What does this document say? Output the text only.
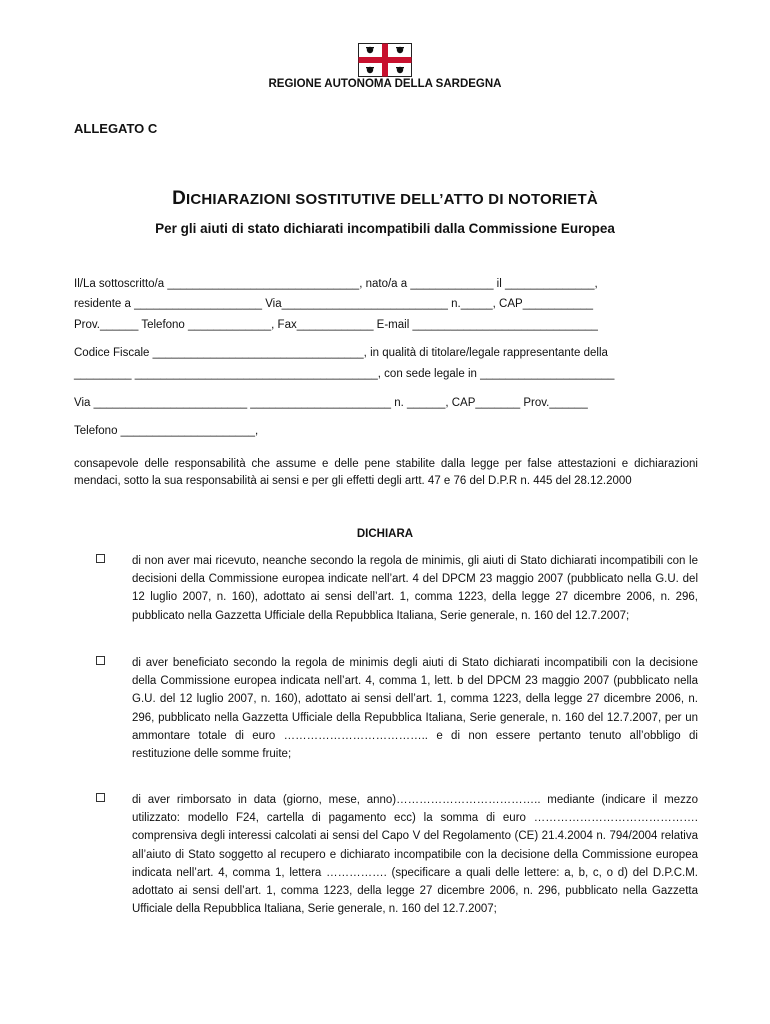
REGIONE AUTONOMA DELLA SARDEGNA
ALLEGATO C
DICHIARAZIONI SOSTITUTIVE DELL’ATTO DI NOTORIETÀ
Per gli aiuti di stato dichiarati incompatibili dalla Commissione Europea
Il/La sottoscritto/a ______________________________, nato/a a _____________ il ______________,
residente a ____________________ Via__________________________ n._____, CAP___________
Prov.______ Telefono _____________, Fax____________ E-mail _____________________________
Codice Fiscale _________________________________, in qualità di titolare/legale rappresentante della
_________ ______________________________________, con sede legale in _____________________
Via ________________________ ______________________ n. ______, CAP_______ Prov.______
Telefono _____________________,
consapevole delle responsabilità che assume e delle pene stabilite dalla legge per false attestazioni e dichiarazioni mendaci, sotto la sua responsabilità ai sensi e per gli effetti degli artt. 47 e 76 del D.P.R n. 445 del 28.12.2000
DICHIARA
di non aver mai ricevuto, neanche secondo la regola de minimis, gli aiuti di Stato dichiarati incompatibili con le decisioni della Commissione europea indicate nell’art. 4 del DPCM 23 maggio 2007 (pubblicato nella G.U. del 12 luglio 2007, n. 160), adottato ai sensi dell’art. 1, comma 1223, della legge 27 dicembre 2006, n. 296, pubblicato nella Gazzetta Ufficiale della Repubblica Italiana, Serie generale, n. 160 del 12.7.2007;
di aver beneficiato secondo la regola de minimis degli aiuti di Stato dichiarati incompatibili con la decisione della Commissione europea indicata nell’art. 4, comma 1, lett. b del DPCM 23 maggio 2007 (pubblicato nella G.U. del 12 luglio 2007, n. 160), adottato ai sensi dell’art. 1, comma 1223, della legge 27 dicembre 2006, n. 296, pubblicato nella Gazzetta Ufficiale della Repubblica Italiana, Serie generale, n. 160 del 12.7.2007, per un ammontare totale di euro ……………………………….. e di non essere pertanto tenuto all’obbligo di restituzione delle somme fruite;
di aver rimborsato in data (giorno, mese, anno)……………………………….. mediante (indicare il mezzo utilizzato: modello F24, cartella di pagamento ecc) la somma di euro ……………………………………. comprensiva degli interessi calcolati ai sensi del Capo V del Regolamento (CE) 21.4.2004 n. 794/2004 relativa all’aiuto di Stato soggetto al recupero e dichiarato incompatibile con la decisione della Commissione europea indicata nell’art. 4, comma 1, lettera ……………. (specificare a quali delle lettere: a, b, c, o d) del D.P.C.M. adottato ai sensi dell’art. 1, comma 1223, della legge 27 dicembre 2006, n. 296, pubblicato nella Gazzetta Ufficiale della Repubblica Italiana, Serie generale, n. 160 del 12.7.2007;
